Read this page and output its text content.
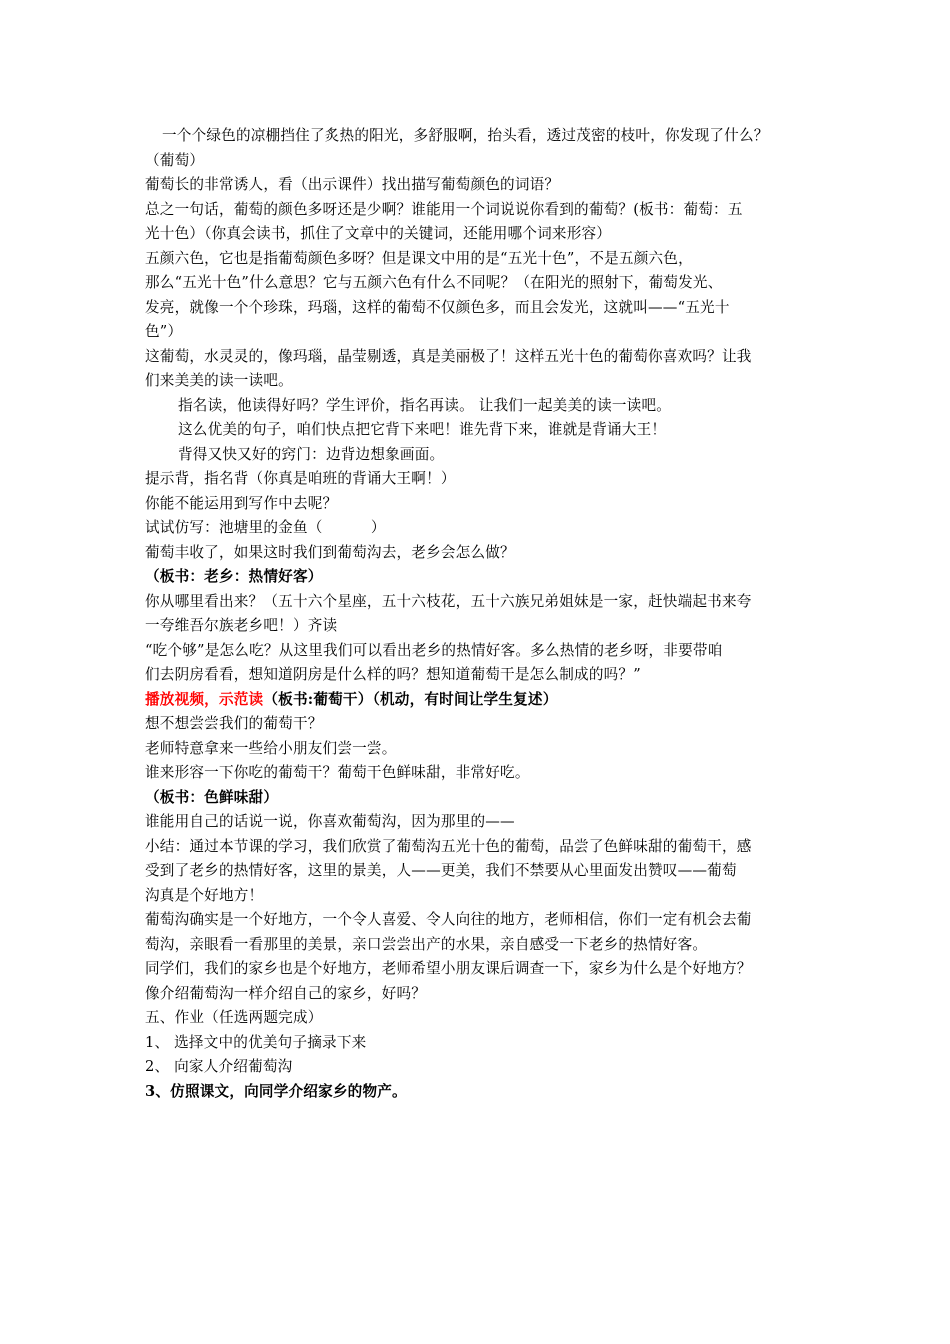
一个个绿色的凉棚挡住了炙热的阳光，多舒服啊，抬头看，透过茂密的枝叶，你发现了什么？
（葡萄）
葡萄长的非常诱人，看（出示课件）找出描写葡萄颜色的词语？
总之一句话，葡萄的颜色多呀还是少啊？谁能用一个词说说你看到的葡萄？(板书：葡萄：五
光十色）（你真会读书，抓住了文章中的关键词，还能用哪个词来形容）
五颜六色，它也是指葡萄颜色多呀？但是课文中用的是“五光十色”，不是五颜六色，
那么“五光十色”什么意思？它与五颜六色有什么不同呢？（在阳光的照射下，葡萄发光、
发亮，就像一个个珍珠，玛瑙，这样的葡萄不仅颜色多，而且会发光，这就叫——“五光十
色”）
这葡萄，水灵灵的，像玛瑙，晶莹剔透，真是美丽极了！这样五光十色的葡萄你喜欢吗？让我
们来美美的读一读吧。
指名读，他读得好吗？学生评价，指名再读。 让我们一起美美的读一读吧。
这么优美的句子，咱们快点把它背下来吧！谁先背下来，谁就是背诵大王！
背得又快又好的窍门：边背边想象画面。
提示背，指名背（你真是咱班的背诵大王啊！）
你能不能运用到写作中去呢？
试试仿写：池塘里的金鱼（          ）
葡萄丰收了，如果这时我们到葡萄沟去，老乡会怎么做？
（板书：老乡：热情好客）
你从哪里看出来？（五十六个星座，五十六枝花，五十六族兄弟姐妹是一家，赶快端起书来夸
一夸维吾尔族老乡吧！）齐读
“吃个够”是怎么吃？从这里我们可以看出老乡的热情好客。多么热情的老乡呀，非要带咱
们去阴房看看，想知道阴房是什么样的吗？想知道葡萄干是怎么制成的吗？”
播放视频，示范读（板书:葡萄干）（机动，有时间让学生复述）
想不想尝尝我们的葡萄干？
老师特意拿来一些给小朋友们尝一尝。
谁来形容一下你吃的葡萄干？葡萄干色鲜味甜，非常好吃。
（板书：色鲜味甜）
谁能用自己的话说一说，你喜欢葡萄沟，因为那里的——
小结：通过本节课的学习，我们欣赏了葡萄沟五光十色的葡萄，品尝了色鲜味甜的葡萄干，感
受到了老乡的热情好客，这里的景美，人——更美，我们不禁要从心里面发出赞叹——葡萄
沟真是个好地方！
葡萄沟确实是一个好地方，一个令人喜爱、令人向往的地方，老师相信，你们一定有机会去葡
萄沟，亲眼看一看那里的美景，亲口尝尝出产的水果，亲自感受一下老乡的热情好客。
同学们，我们的家乡也是个好地方，老师希望小朋友课后调查一下，家乡为什么是个好地方？
像介绍葡萄沟一样介绍自己的家乡，好吗？
五、作业（任选两题完成）
1、 选择文中的优美句子摘录下来
2、 向家人介绍葡萄沟
3、仿照课文，向同学介绍家乡的物产。
